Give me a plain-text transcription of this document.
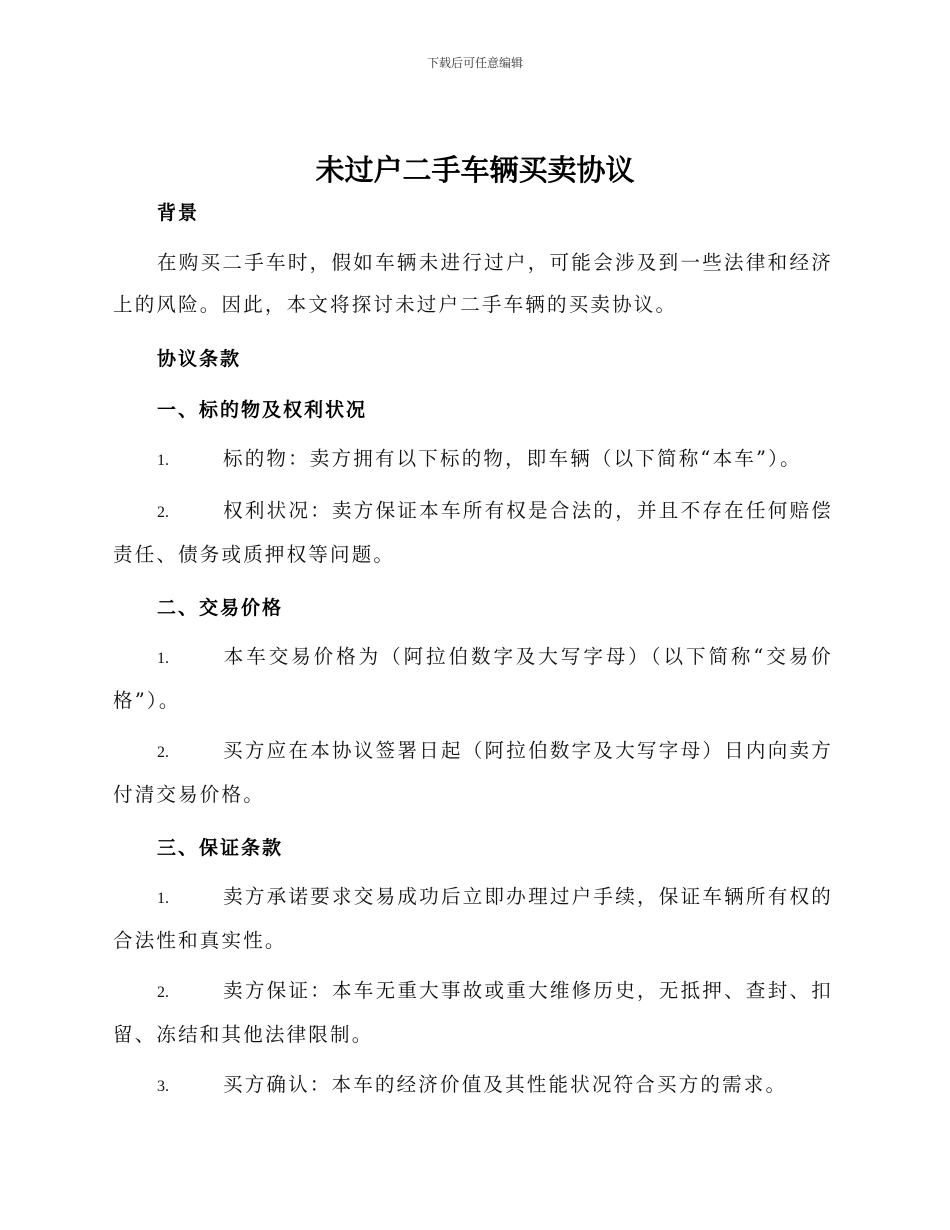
下载后可任意编辑
未过户二手车辆买卖协议
背景
在购买二手车时，假如车辆未进行过户，可能会涉及到一些法律和经济上的风险。因此，本文将探讨未过户二手车辆的买卖协议。
协议条款
一、标的物及权利状况
1.	标的物：卖方拥有以下标的物，即车辆（以下简称“本车”）。
2.	权利状况：卖方保证本车所有权是合法的，并且不存在任何赔偿责任、债务或质押权等问题。
二、交易价格
1.	本车交易价格为（阿拉伯数字及大写字母）（以下简称“交易价格”）。
2.	买方应在本协议签署日起（阿拉伯数字及大写字母）日内向卖方付清交易价格。
三、保证条款
1.	卖方承诺要求交易成功后立即办理过户手续，保证车辆所有权的合法性和真实性。
2.	卖方保证：本车无重大事故或重大维修历史，无抵押、查封、扣留、冻结和其他法律限制。
3.	买方确认：本车的经济价值及其性能状况符合买方的需求。
